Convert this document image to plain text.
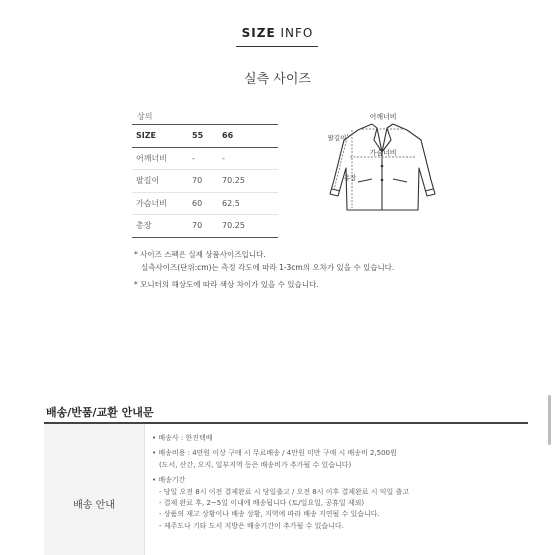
SIZE INFO
실측 사이즈
상의
SIZE	55	66
어깨너비	-	-
팔길이	70	70.25
가슴너비	60	62.5
총장	70	70.25
어깨너비
가슴너비
팔길이
총장
* 사이즈 스펙은 실제 상품사이즈입니다.
실측사이즈(단위:cm)는 측정 각도에 따라 1-3cm의 오차가 있을 수 있습니다.
* 모니터의 해상도에 따라 색상 차이가 있을 수 있습니다.
배송/반품/교환 안내문
배송 안내
• 배송사 : 한진택배
• 배송비용 : 4만원 이상 구매 시 무료배송 / 4만원 미만 구매 시 배송비 2,500원
(도서, 산간, 오지, 일부지역 등은 배송비가 추가될 수 있습니다)
• 배송기간
- 당일 오전 8시 이전 결제완료 시 당일출고 / 오전 8시 이후 결제완료 시 익일 출고
- 결제 완료 후, 2~5일 이내에 배송됩니다 (토/일요일, 공휴일 제외)
- 상품의 재고 상황이나 배송 상황, 지역에 따라 배송 지연될 수 있습니다.
- 제주도나 기타 도서 지방은 배송기간이 추가될 수 있습니다.
